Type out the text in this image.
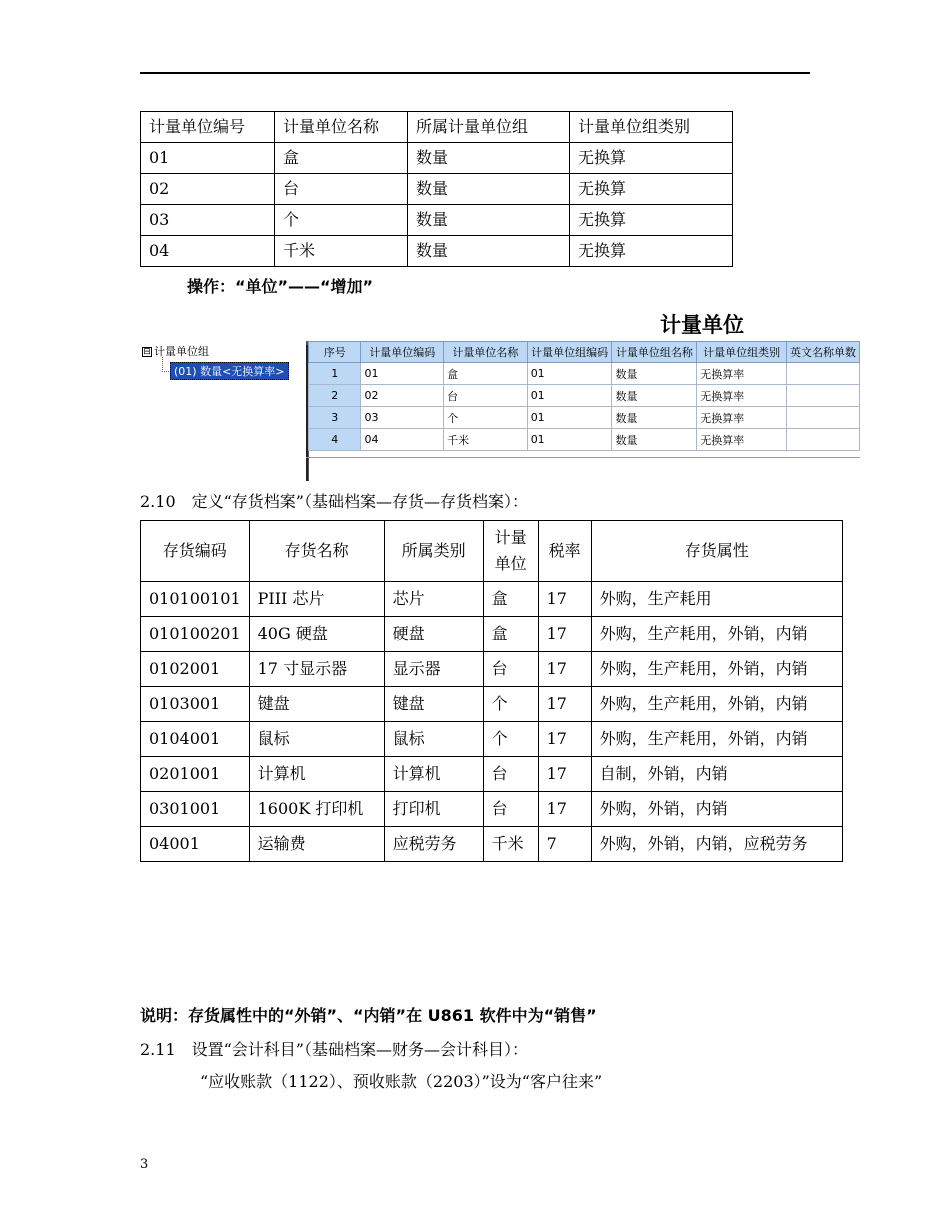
计量单位编号	计量单位名称	所属计量单位组	计量单位组类别
01	盒	数量	无换算
02	台	数量	无换算
03	个	数量	无换算
04	千米	数量	无换算
操作：“单位”——“增加”
计量单位
⊟ 计量单位组
(01) 数量<无换算率>
序号	计量单位编码	计量单位名称	计量单位组编码	计量单位组名称	计量单位组类别	英文名称单数
1	01	盒	01	数量	无换算率	
2	02	台	01	数量	无换算率	
3	03	个	01	数量	无换算率	
4	04	千米	01	数量	无换算率	
2.10　定义“存货档案”（基础档案—存货—存货档案）：
存货编码	存货名称	所属类别	计量单位	税率	存货属性
010100101	PIII 芯片	芯片	盒	17	外购，生产耗用
010100201	40G 硬盘	硬盘	盒	17	外购，生产耗用，外销，内销
0102001	17 寸显示器	显示器	台	17	外购，生产耗用，外销，内销
0103001	键盘	键盘	个	17	外购，生产耗用，外销，内销
0104001	鼠标	鼠标	个	17	外购，生产耗用，外销，内销
0201001	计算机	计算机	台	17	自制，外销，内销
0301001	1600K 打印机	打印机	台	17	外购，外销，内销
04001	运输费	应税劳务	千米	7	外购，外销，内销，应税劳务
说明：存货属性中的“外销”、“内销”在 U861 软件中为“销售”
2.11　设置“会计科目”（基础档案—财务—会计科目）：
“应收账款（1122）、预收账款（2203）”设为“客户往来”
3
